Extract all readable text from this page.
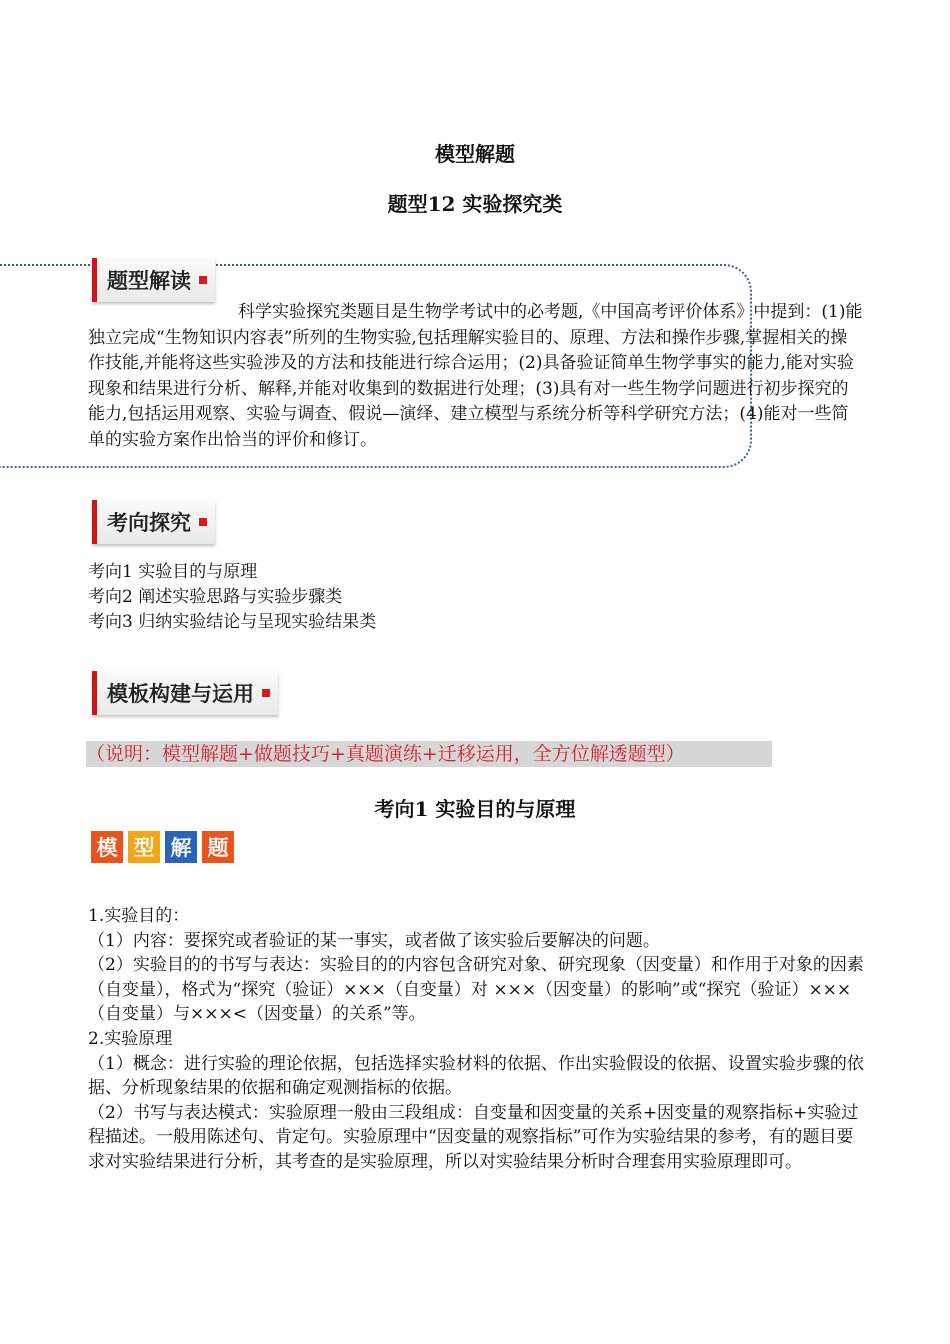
模型解题
题型12 实验探究类
题型解读

科学实验探究类题目是生物学考试中的必考题,《中国高考评价体系》中提到：(1)能独立完成“生物知识内容表”所列的生物实验,包括理解实验目的、原理、方法和操作步骤,掌握相关的操作技能,并能将这些实验涉及的方法和技能进行综合运用；(2)具备验证简单生物学事实的能力,能对实验现象和结果进行分析、解释,并能对收集到的数据进行处理；(3)具有对一些生物学问题进行初步探究的能力,包括运用观察、实验与调查、假说—演绎、建立模型与系统分析等科学研究方法；(4)能对一些简单的实验方案作出恰当的评价和修订。

考向探究
考向1 实验目的与原理
考向2 阐述实验思路与实验步骤类
考向3 归纳实验结论与呈现实验结果类
模板构建与运用
（说明：模型解题+做题技巧+真题演练+迁移运用，全方位解透题型）
考向1 实验目的与原理
模 型 解 题

1.实验目的：

（1）内容：要探究或者验证的某一事实，或者做了该实验后要解决的问题。

（2）实验目的的书写与表达：实验目的的内容包含研究对象、研究现象（因变量）和作用于对象的因素（自变量），格式为“探究（验证）×××（自变量）对 ×××（因变量）的影响”或“探究（验证）×××（自变量）与×××<（因变量）的关系”等。

2.实验原理

（1）概念：进行实验的理论依据，包括选择实验材料的依据、作出实验假设的依据、设置实验步骤的依据、分析现象结果的依据和确定观测指标的依据。

（2）书写与表达模式：实验原理一般由三段组成：自变量和因变量的关系+因变量的观察指标+实验过程描述。一般用陈述句、肯定句。实验原理中“因变量的观察指标”可作为实验结果的参考，有的题目要求对实验结果进行分析，其考查的是实验原理，所以对实验结果分析时合理套用实验原理即可。
